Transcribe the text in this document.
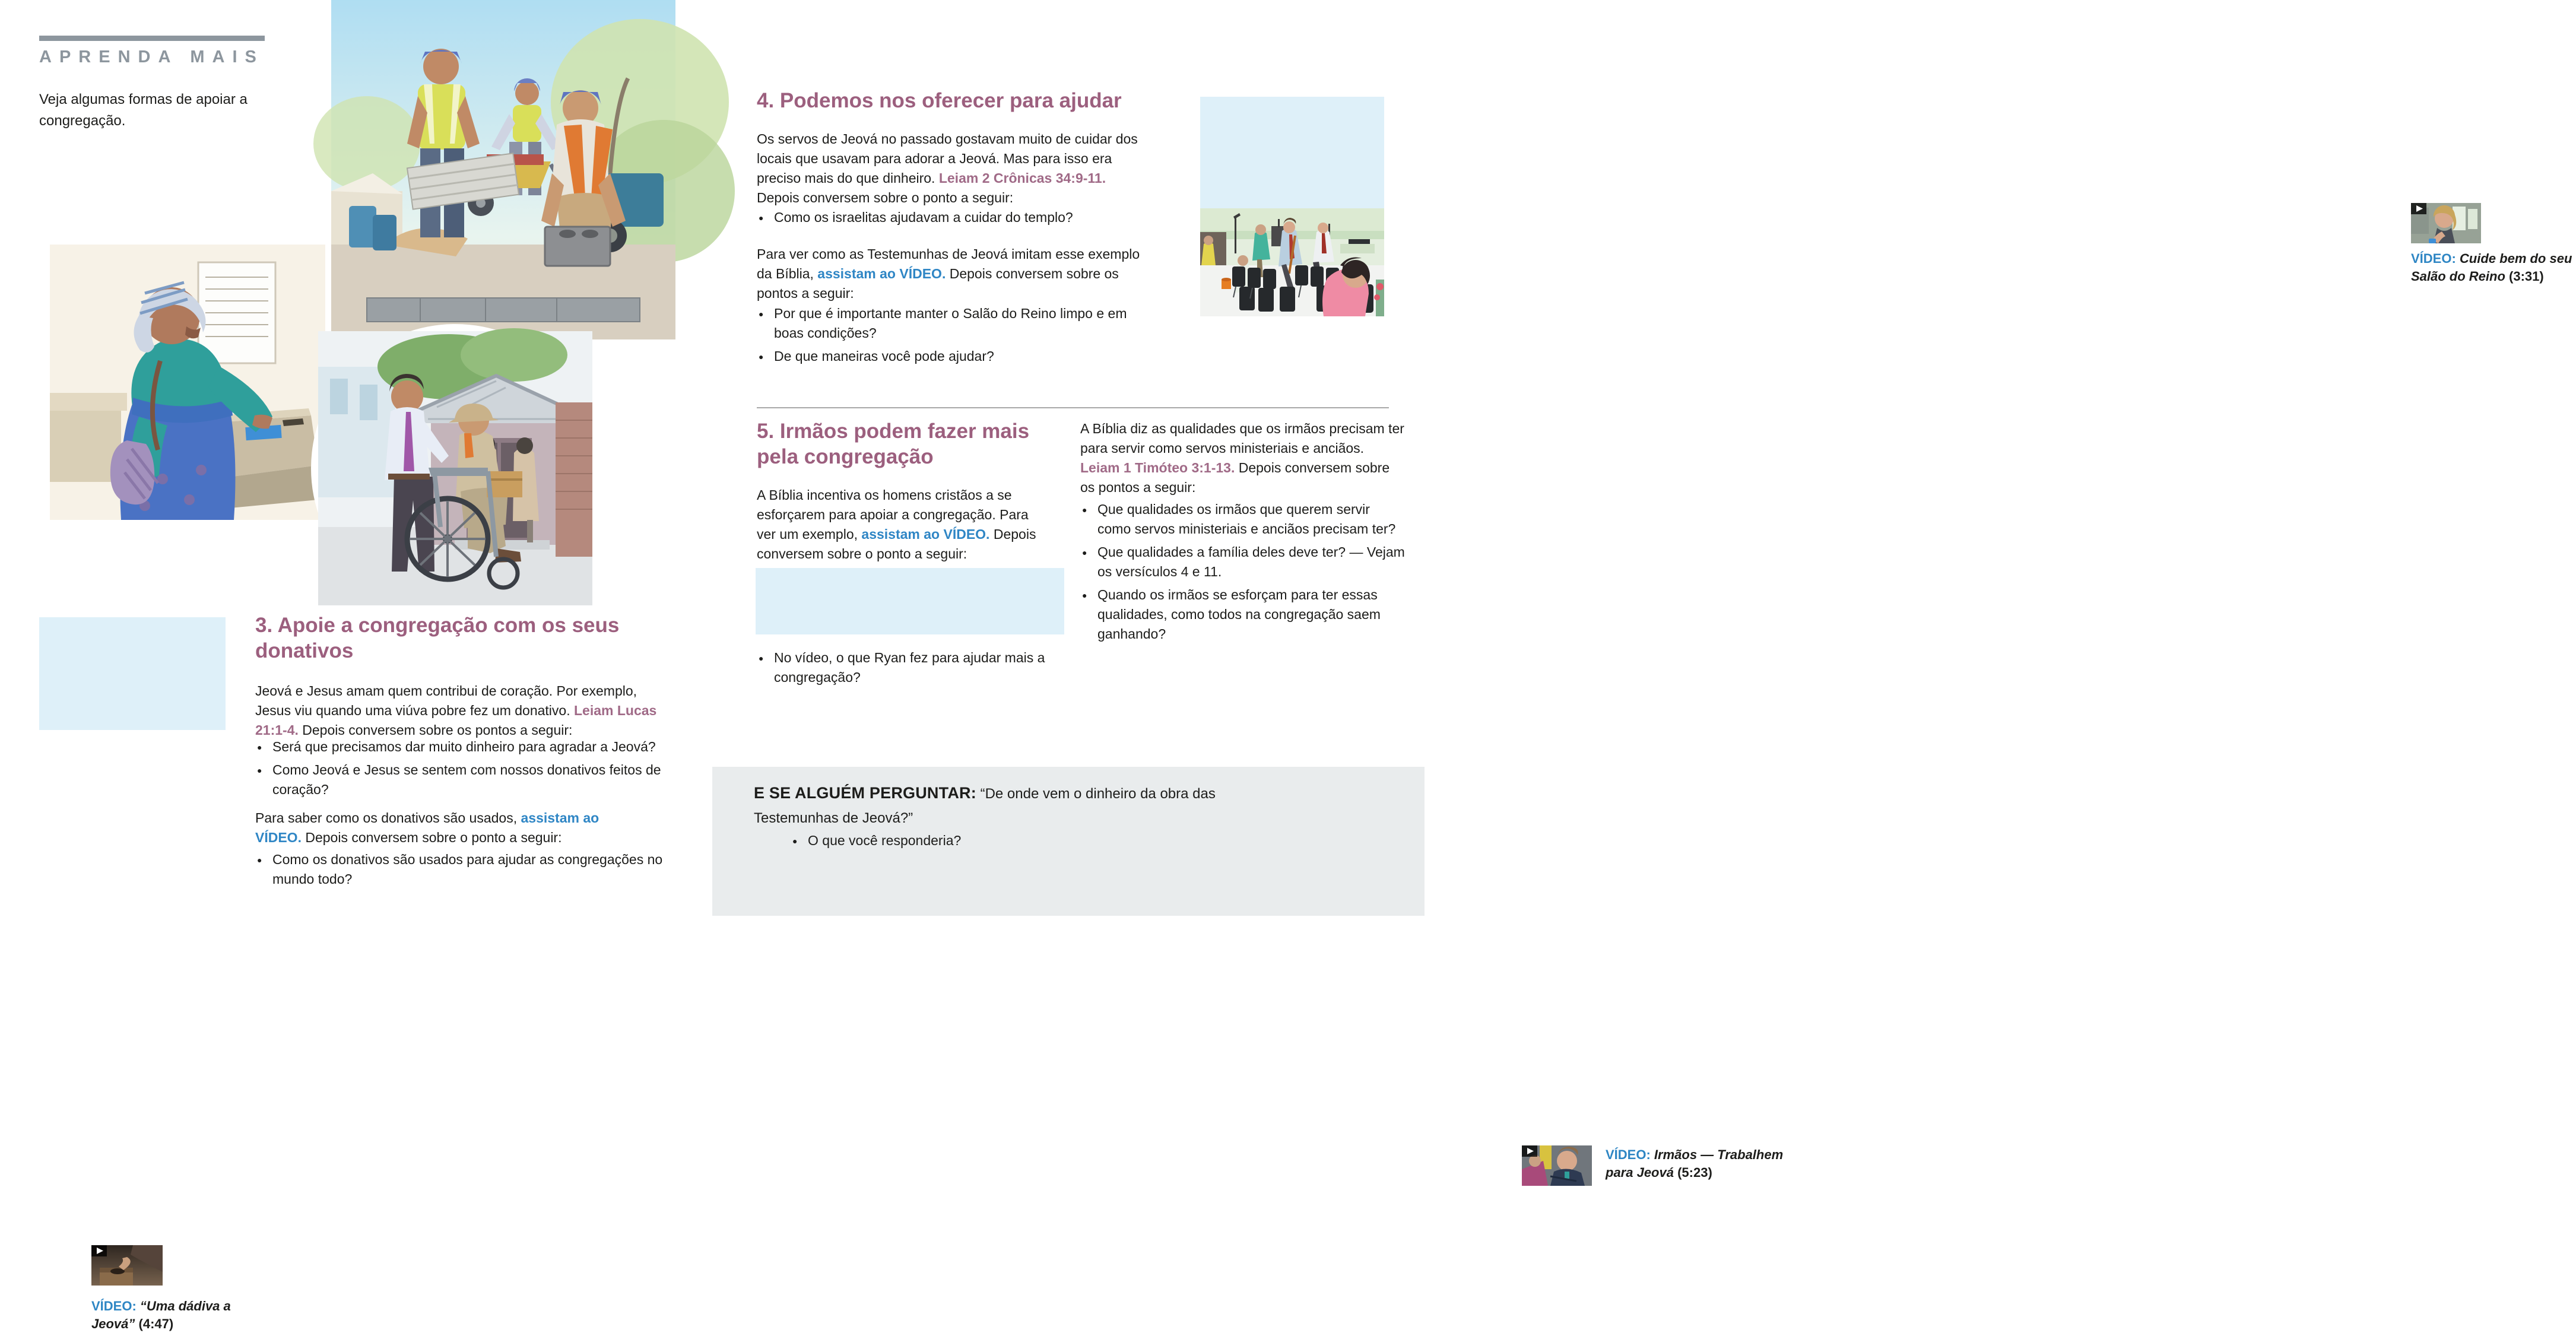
APRENDA MAIS
Veja algumas formas de apoiar a congregação.
VÍDEO: “Uma dádiva a Jeová” (4:47)
3. Apoie a congregação com os seus donativos
Jeová e Jesus amam quem contribui de coração. Por exemplo, Jesus viu quando uma viúva pobre fez um donativo. Leiam Lucas 21:1-4. Depois conversem sobre os pontos a seguir:
● Será que precisamos dar muito dinheiro para agradar a Jeová?
● Como Jeová e Jesus se sentem com nossos donativos feitos de coração?
Para saber como os donativos são usados, assistam ao VÍDEO. Depois conversem sobre o ponto a seguir:
● Como os donativos são usados para ajudar as congregações no mundo todo?
4. Podemos nos oferecer para ajudar
Os servos de Jeová no passado gostavam muito de cuidar dos locais que usavam para adorar a Jeová. Mas para isso era preciso mais do que dinheiro. Leiam 2 Crônicas 34:9-11. Depois conversem sobre o ponto a seguir:
● Como os israelitas ajudavam a cuidar do templo?
Para ver como as Testemunhas de Jeová imitam esse exemplo da Bíblia, assistam ao VÍDEO. Depois conversem sobre os pontos a seguir:
● Por que é importante manter o Salão do Reino limpo e em boas condições?
● De que maneiras você pode ajudar?
VÍDEO: Cuide bem do seu Salão do Reino (3:31)
5. Irmãos podem fazer mais pela congregação
A Bíblia incentiva os homens cristãos a se esforçarem para apoiar a congregação. Para ver um exemplo, assistam ao VÍDEO. Depois conversem sobre o ponto a seguir:
VÍDEO: Irmãos — Trabalhem para Jeová (5:23)
● No vídeo, o que Ryan fez para ajudar mais a congregação?
A Bíblia diz as qualidades que os irmãos precisam ter para servir como servos ministeriais e anciãos. Leiam 1 Timóteo 3:1-13. Depois conversem sobre os pontos a seguir:
● Que qualidades os irmãos que querem servir como servos ministeriais e anciãos precisam ter?
● Que qualidades a família deles deve ter? — Vejam os versículos 4 e 11.
● Quando os irmãos se esforçam para ter essas qualidades, como todos na congregação saem ganhando?
E SE ALGUÉM PERGUNTAR: “De onde vem o dinheiro da obra das Testemunhas de Jeová?”
● O que você responderia?
